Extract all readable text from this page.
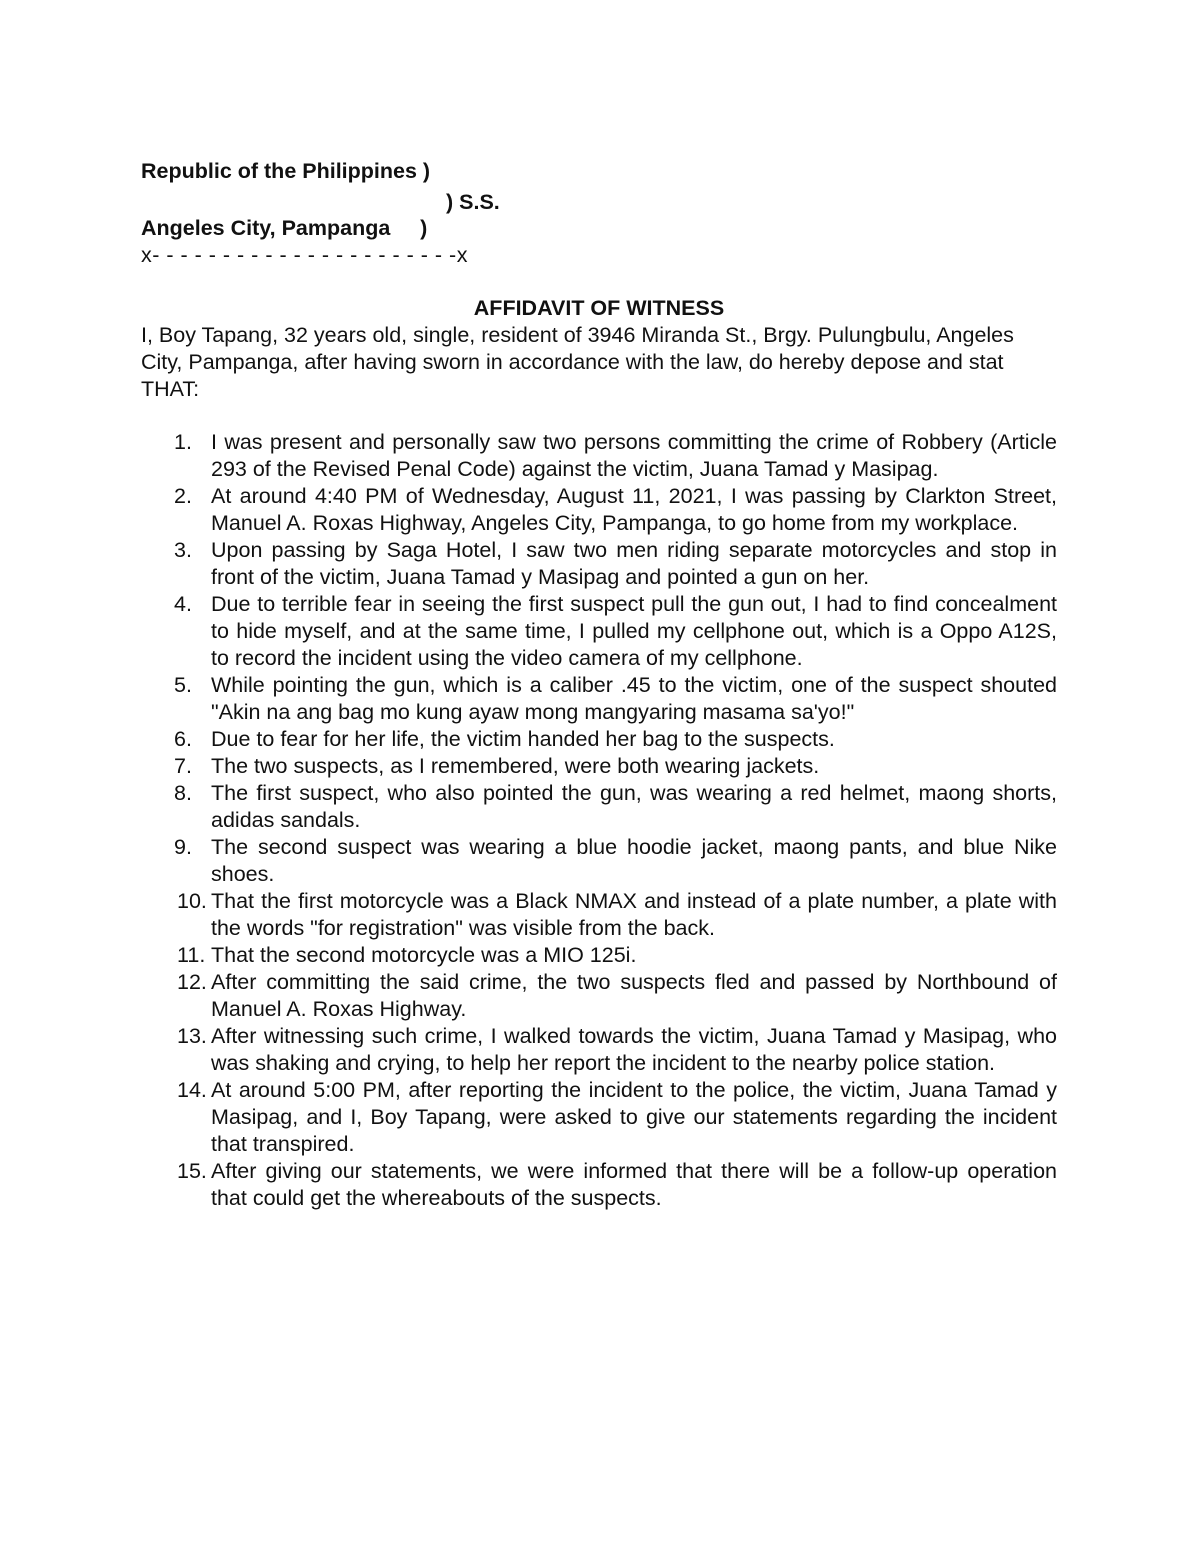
Republic of the Philippines )
) S.S.
Angeles City, Pampanga     )
x- - - - - - - - - - - - - - - - - - - - - -x
AFFIDAVIT OF WITNESS
I, Boy Tapang, 32 years old, single, resident of 3946 Miranda St., Brgy. Pulungbulu, Angeles City, Pampanga, after having sworn in accordance with the law, do hereby depose and stat THAT:
1. I was present and personally saw two persons committing the crime of Robbery (Article 293 of the Revised Penal Code) against the victim, Juana Tamad y Masipag.
2. At around 4:40 PM of Wednesday, August 11, 2021, I was passing by Clarkton Street, Manuel A. Roxas Highway, Angeles City, Pampanga, to go home from my workplace.
3. Upon passing by Saga Hotel, I saw two men riding separate motorcycles and stop in front of the victim, Juana Tamad y Masipag and pointed a gun on her.
4. Due to terrible fear in seeing the first suspect pull the gun out, I had to find concealment to hide myself, and at the same time, I pulled my cellphone out, which is a Oppo A12S, to record the incident using the video camera of my cellphone.
5. While pointing the gun, which is a caliber .45 to the victim, one of the suspect shouted "Akin na ang bag mo kung ayaw mong mangyaring masama sa'yo!"
6. Due to fear for her life, the victim handed her bag to the suspects.
7. The two suspects, as I remembered, were both wearing jackets.
8. The first suspect, who also pointed the gun, was wearing a red helmet, maong shorts, adidas sandals.
9. The second suspect was wearing a blue hoodie jacket, maong pants, and blue Nike shoes.
10. That the first motorcycle was a Black NMAX and instead of a plate number, a plate with the words "for registration" was visible from the back.
11. That the second motorcycle was a MIO 125i.
12. After committing the said crime, the two suspects fled and passed by Northbound of Manuel A. Roxas Highway.
13. After witnessing such crime, I walked towards the victim, Juana Tamad y Masipag, who was shaking and crying, to help her report the incident to the nearby police station.
14. At around 5:00 PM, after reporting the incident to the police, the victim, Juana Tamad y Masipag, and I, Boy Tapang, were asked to give our statements regarding the incident that transpired.
15. After giving our statements, we were informed that there will be a follow-up operation that could get the whereabouts of the suspects.
